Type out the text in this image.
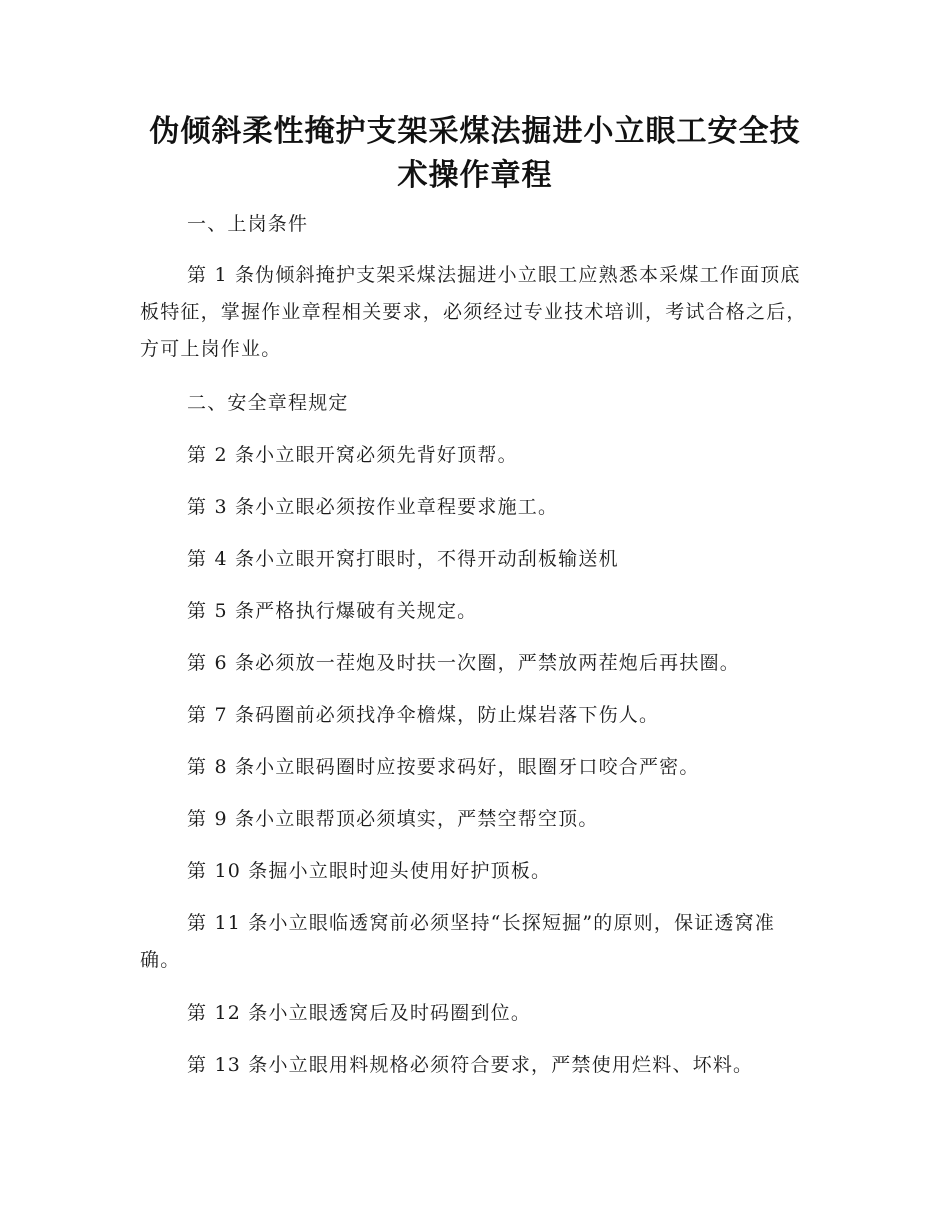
伪倾斜柔性掩护支架采煤法掘进小立眼工安全技术操作章程

一、上岗条件

第 1 条伪倾斜掩护支架采煤法掘进小立眼工应熟悉本采煤工作面顶底板特征，掌握作业章程相关要求，必须经过专业技术培训，考试合格之后，方可上岗作业。

二、安全章程规定

第 2 条小立眼开窝必须先背好顶帮。

第 3 条小立眼必须按作业章程要求施工。

第 4 条小立眼开窝打眼时，不得开动刮板输送机

第 5 条严格执行爆破有关规定。

第 6 条必须放一茬炮及时扶一次圈，严禁放两茬炮后再扶圈。

第 7 条码圈前必须找净伞檐煤，防止煤岩落下伤人。

第 8 条小立眼码圈时应按要求码好，眼圈牙口咬合严密。

第 9 条小立眼帮顶必须填实，严禁空帮空顶。

第 10 条掘小立眼时迎头使用好护顶板。

第 11 条小立眼临透窝前必须坚持“长探短掘”的原则，保证透窝准确。

第 12 条小立眼透窝后及时码圈到位。

第 13 条小立眼用料规格必须符合要求，严禁使用烂料、坏料。
